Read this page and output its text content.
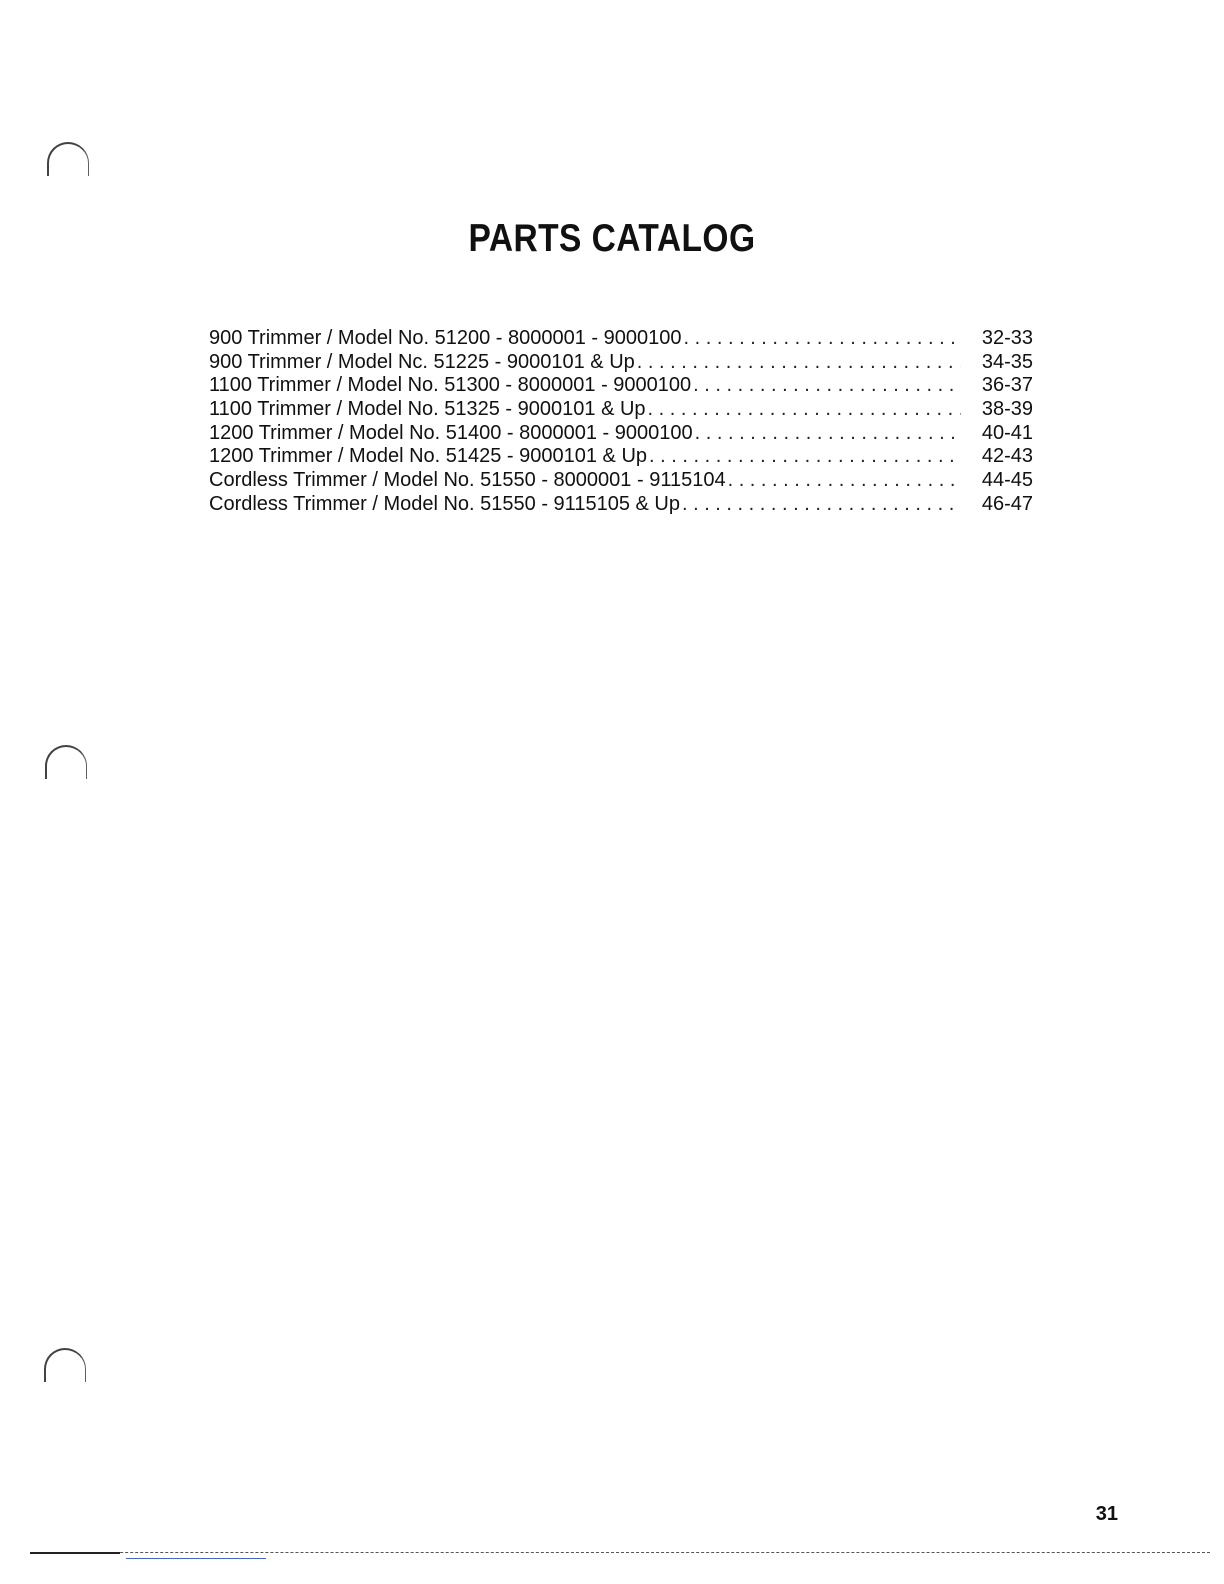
PARTS CATALOG
900 Trimmer / Model No. 51200 - 8000001 - 9000100 . . .	32-33
900 Trimmer / Model Nc. 51225 - 9000101 & Up . . .	34-35
1100 Trimmer / Model No. 51300 - 8000001 - 9000100 . . .	36-37
1100 Trimmer / Model No. 51325 - 9000101 & Up . . .	38-39
1200 Trimmer / Model No. 51400 - 8000001 - 9000100 . . .	40-41
1200 Trimmer / Model No. 51425 - 9000101 & Up . . .	42-43
Cordless Trimmer / Model No. 51550 - 8000001 - 9115104 . . .	44-45
Cordless Trimmer / Model No. 51550 - 9115105 & Up . . .	46-47
31
